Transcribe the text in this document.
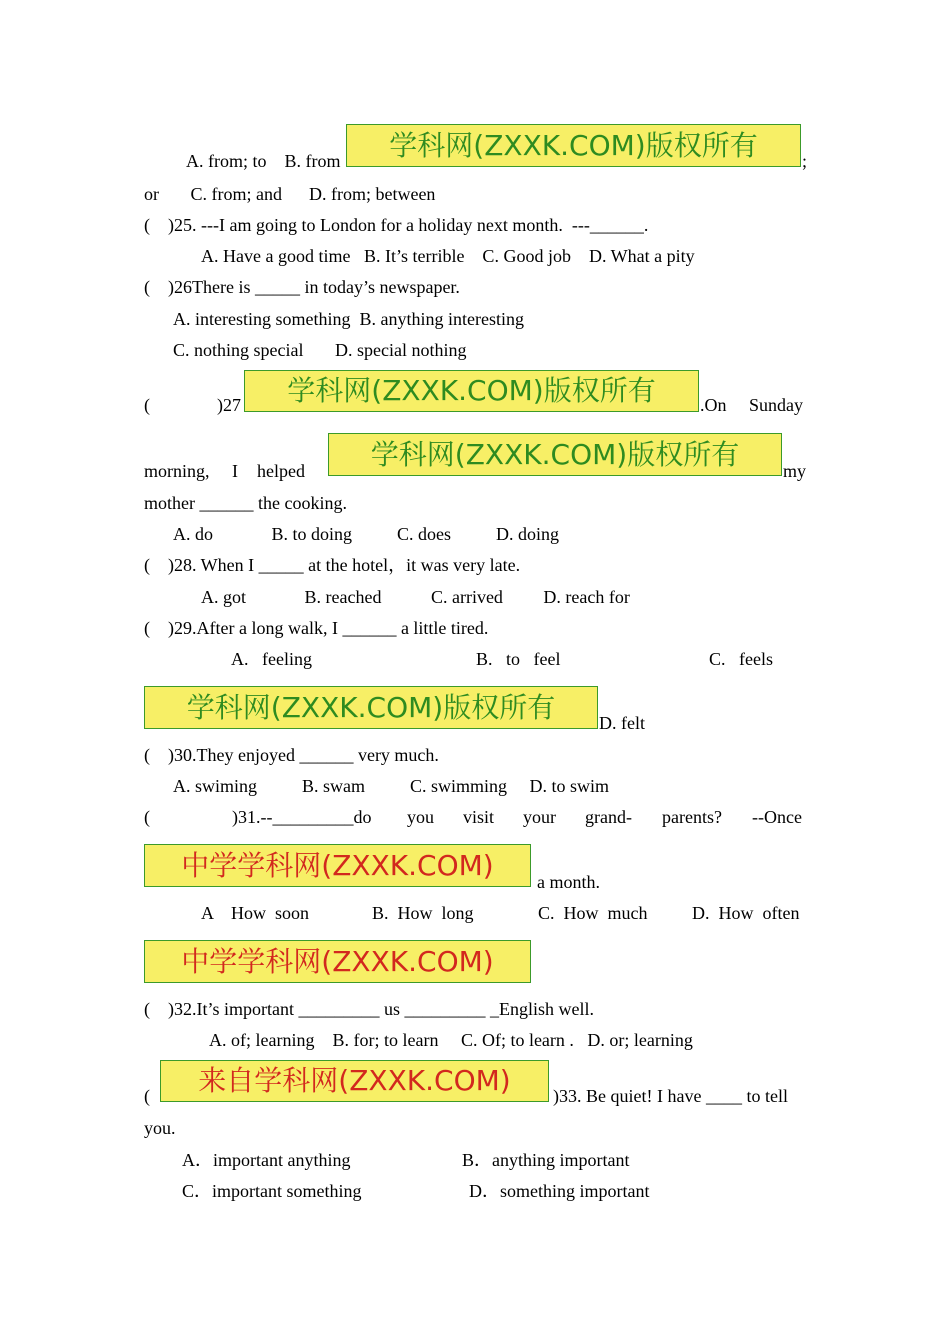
A. from; to    B. from	学科网(ZXXK.COM)版权所有	;
or       C. from; and      D. from; between
(    )25. ---I am going to London for a holiday next month.  ---______.
A. Have a good time   B. It’s terrible    C. Good job    D. What a pity
(    )26There is _____ in today’s newspaper.
A. interesting something  B. anything interesting
C. nothing special       D. special nothing
(	)27	学科网(ZXXK.COM)版权所有	.On Sunday
morning, I helped
学科网(ZXXK.COM)版权所有
my
mother ______ the cooking.
A. do             B. to doing          C. does          D. doing
(    )28. When I _____ at the hotel，it was very late.
A. got             B. reached           C. arrived         D. reach for
(    )29.After a long walk, I ______ a little tired.
A.   feeling	B.   to   feel	C.   feels
学科网(ZXXK.COM)版权所有	D. felt
(    )30.They enjoyed ______ very much.
A. swiming          B. swam          C. swimming     D. to swim
(	)31.--_________do you visit your grand- parents? --Once
中学学科网(ZXXK.COM)
a month.
A    How  soon	B.  How  long	C.  How  much D.  How  often
中学学科网(ZXXK.COM)
(    )32.It’s important _________ us _________ _English well.
A. of; learning    B. for; to learn     C. Of; to learn .   D. or; learning
(	来自学科网(ZXXK.COM)	)33. Be quiet! I have ____ to tell
you.
A．important anything	B．anything important
C．important something	D．something important
